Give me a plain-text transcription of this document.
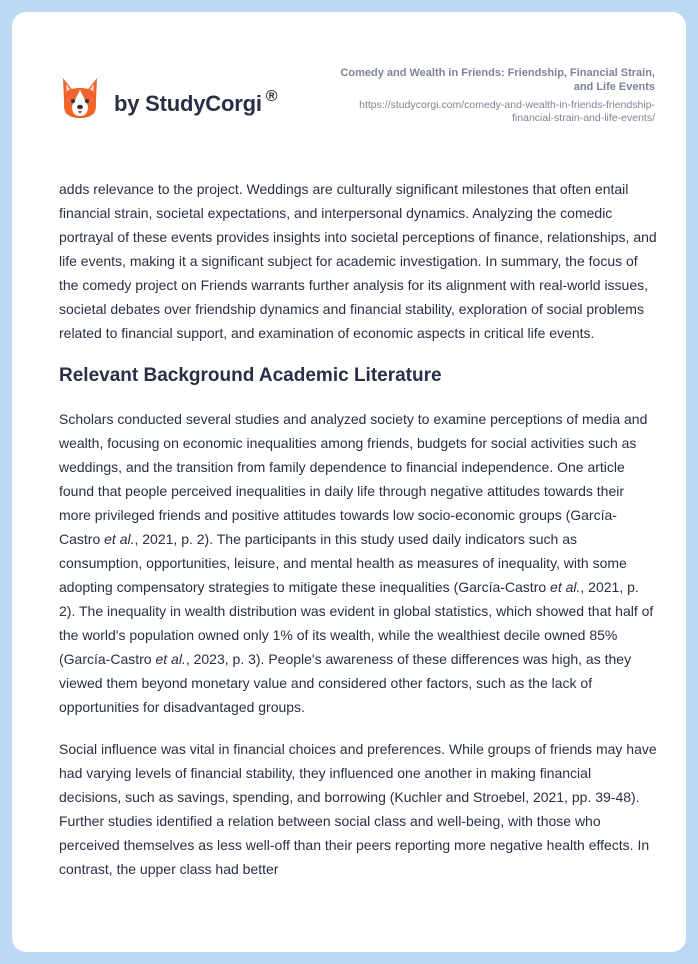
by StudyCorgi ®
Comedy and Wealth in Friends: Friendship, Financial Strain, and Life Events
https://studycorgi.com/comedy-and-wealth-in-friends-friendship-financial-strain-and-life-events/

adds relevance to the project. Weddings are culturally significant milestones that often entail financial strain, societal expectations, and interpersonal dynamics. Analyzing the comedic portrayal of these events provides insights into societal perceptions of finance, relationships, and life events, making it a significant subject for academic investigation. In summary, the focus of the comedy project on Friends warrants further analysis for its alignment with real-world issues, societal debates over friendship dynamics and financial stability, exploration of social problems related to financial support, and examination of economic aspects in critical life events.

Relevant Background Academic Literature

Scholars conducted several studies and analyzed society to examine perceptions of media and wealth, focusing on economic inequalities among friends, budgets for social activities such as weddings, and the transition from family dependence to financial independence. One article found that people perceived inequalities in daily life through negative attitudes towards their more privileged friends and positive attitudes towards low socio-economic groups (García-Castro et al., 2021, p. 2). The participants in this study used daily indicators such as consumption, opportunities, leisure, and mental health as measures of inequality, with some adopting compensatory strategies to mitigate these inequalities (García-Castro et al., 2021, p. 2). The inequality in wealth distribution was evident in global statistics, which showed that half of the world's population owned only 1% of its wealth, while the wealthiest decile owned 85% (García-Castro et al., 2023, p. 3). People's awareness of these differences was high, as they viewed them beyond monetary value and considered other factors, such as the lack of opportunities for disadvantaged groups.

Social influence was vital in financial choices and preferences. While groups of friends may have had varying levels of financial stability, they influenced one another in making financial decisions, such as savings, spending, and borrowing (Kuchler and Stroebel, 2021, pp. 39-48). Further studies identified a relation between social class and well-being, with those who perceived themselves as less well-off than their peers reporting more negative health effects. In contrast, the upper class had better
